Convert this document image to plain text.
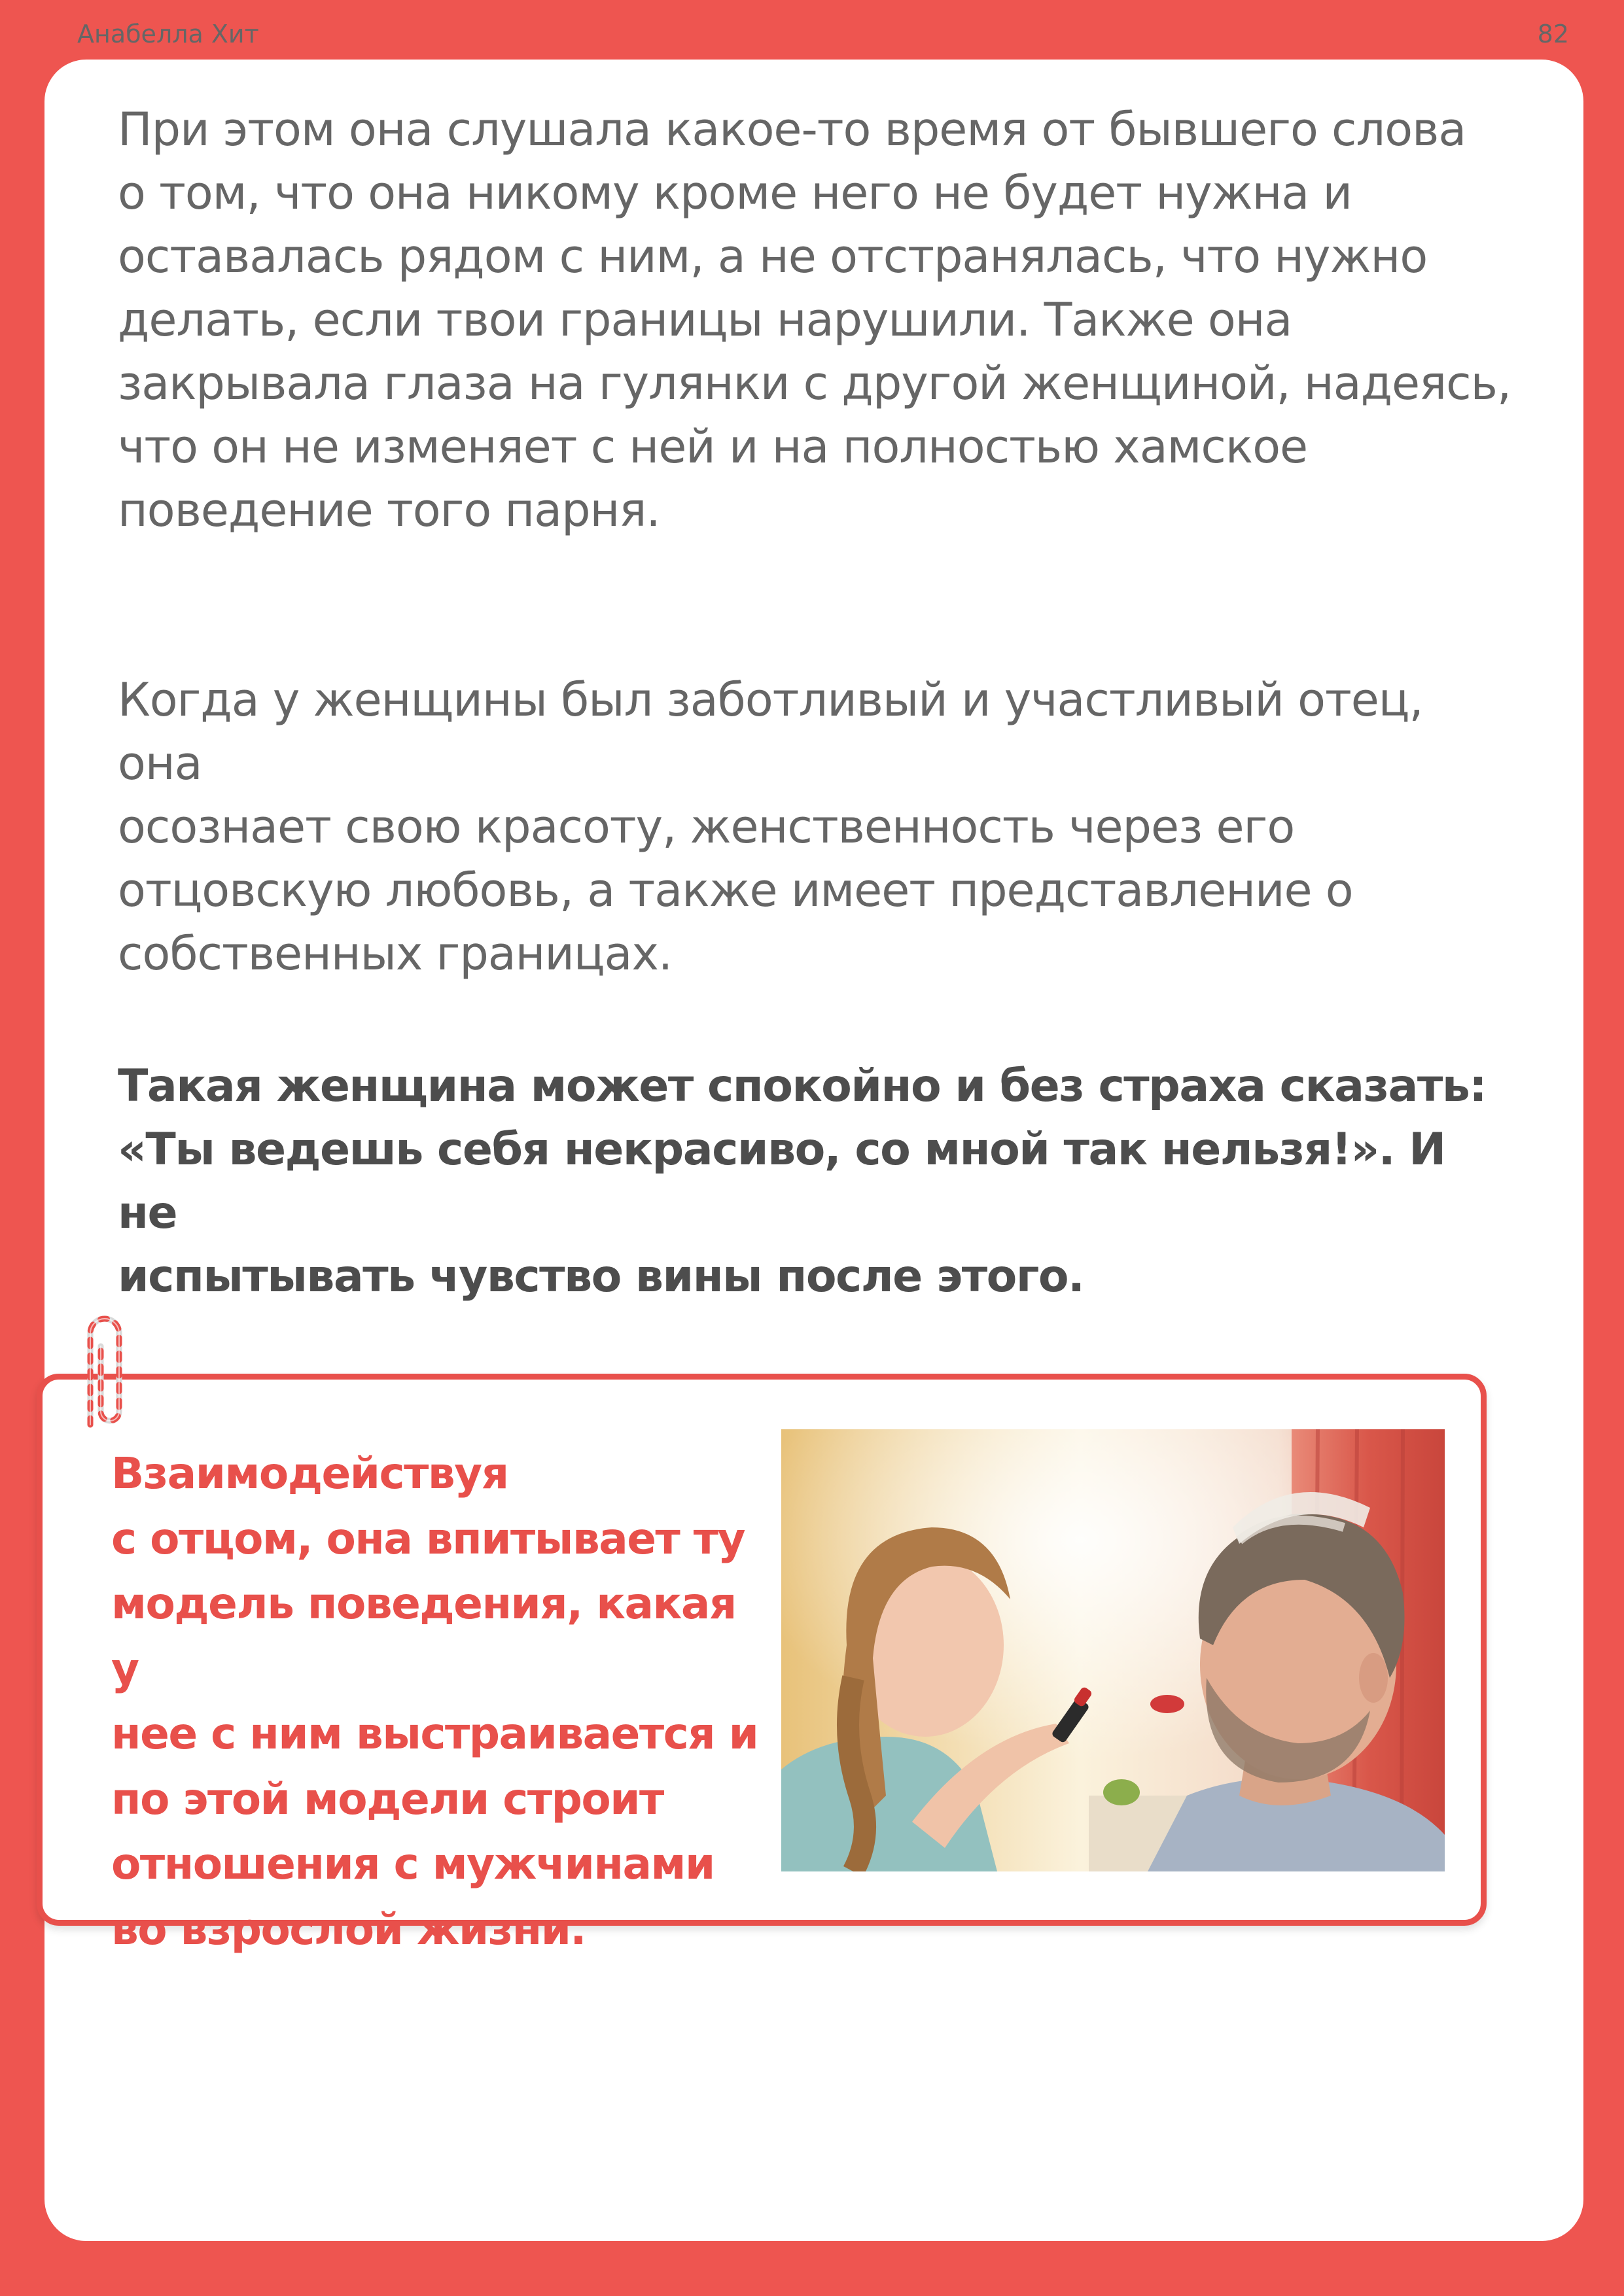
Анабелла Хит	82

При этом она слушала какое-то время от бывшего слова
о том, что она никому кроме него не будет нужна и
оставалась рядом с ним, а не отстранялась, что нужно
делать, если твои границы нарушили. Также она
закрывала глаза на гулянки с другой женщиной, надеясь,
что он не изменяет с ней и на полностью хамское
поведение того парня.

Когда у женщины был заботливый и участливый отец, она
осознает свою красоту, женственность через его
отцовскую любовь, а также имеет представление о
собственных границах.

Такая женщина может спокойно и без страха сказать:
«Ты ведешь себя некрасиво, со мной так нельзя!». И не
испытывать чувство вины после этого.

Взаимодействуя
с отцом, она впитывает ту
модель поведения, какая у
нее с ним выстраивается и
по этой модели строит
отношения с мужчинами
во взрослой жизни.
